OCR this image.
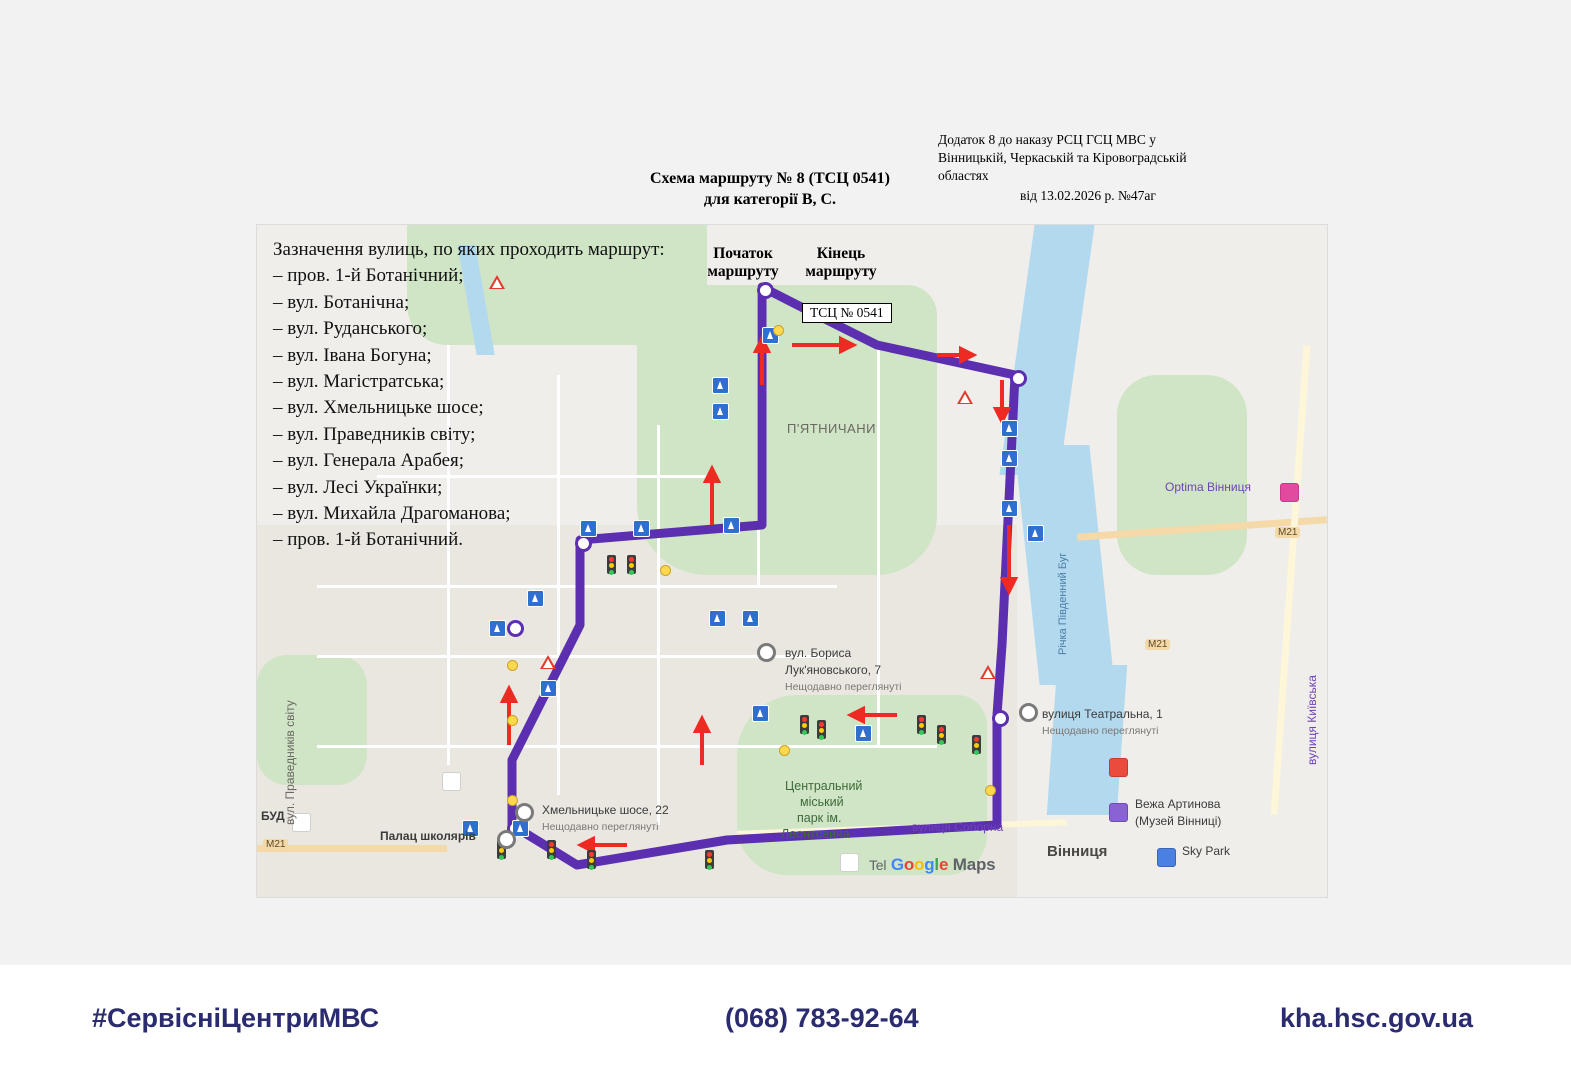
Схема маршруту № 8 (ТСЦ 0541)
для категорії B, C.
Додаток 8 до наказу РСЦ ГСЦ МВС у
Вінницькій, Черкаській та Кіровоградській
областях
від 13.02.2026 р. №47аг
Зазначення вулиць, по яких проходить маршрут:
– пров. 1-й Ботанічний;
– вул. Ботанічна;
– вул. Руданського;
– вул. Івана Богуна;
– вул. Магістратська;
– вул. Хмельницьке шосе;
– вул. Праведників світу;
– вул. Генерала Арабея;
– вул. Лесі Українки;
– вул. Михайла Драгоманова;
– пров. 1-й Ботанічний.
Початок
маршруту
Кінець
маршруту
ТСЦ № 0541
П'ЯТНИЧАНИ
Вінниця
Optima Вінниця
вулиця Театральна, 1
Нещодавно переглянуті
вул. Бориса
Лук'яновського, 7
Нещодавно переглянуті
Хмельницьке шосе, 22
Нещодавно переглянуті
Палац школярів
Вежа Артинова
(Музей Вінниці)
Sky Park
вулиця Соборна
Центральний
міський
парк ім.
Леонтовича
БУД
M21
M21
M21
Річка Південний Буг
вул. Праведників світу	вулиця Київська
Tel Google Maps
#СервісніЦентриМВС	(068) 783-92-64	kha.hsc.gov.ua
